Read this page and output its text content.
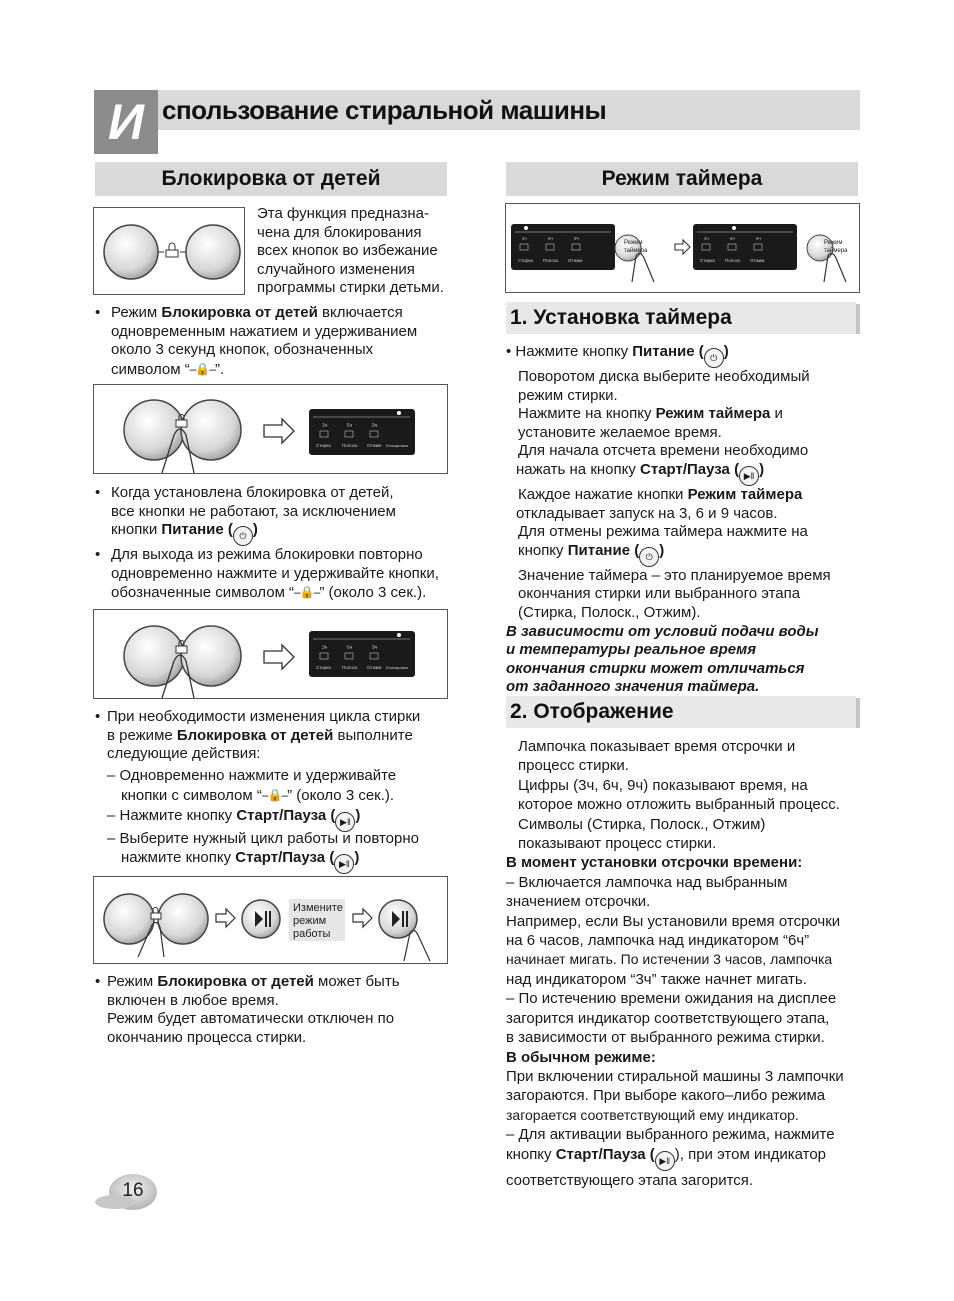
И спользование стиральной машины
Блокировка от детей
Эта функция предназна-
чена для блокирования
всех кнопок во избежание
случайного изменения
программы стирки детьми.
• Режим Блокировка от детей включается
одновременным нажатием и удерживанием
около 3 секунд кнопок, обозначенных
символом “–🔒–”.
3ч	6ч	9ч
Стирка Полоск. Отжим Блокировка
• Когда установлена блокировка от детей,
все кнопки не работают, за исключением
кнопки Питание ( ⏻ )
• Для выхода из режима блокировки повторно
одновременно нажмите и удерживайте кнопки,
обозначенные символом “–🔒–” (около 3 сек.).
3ч	6ч	9ч
Стирка Полоск. Отжим Блокировка
• При необходимости изменения цикла стирки
в режиме Блокировка от детей выполните
следующие действия:
– Одновременно нажмите и удерживайте
кнопки с символом “–🔒–” (около 3 сек.).
– Нажмите кнопку Старт/Пауза ( ▶‖ )
– Выберите нужный цикл работы и повторно
нажмите кнопку Старт/Пауза ( ▶‖ )
Измените
режим
работы
• Режим Блокировка от детей может быть
включен в любое время.
Режим будет автоматически отключен по
окончанию процесса стирки.
Режим таймера
3ч	6ч	9ч
Стирка Полоск. Отжим
Режим
таймера
3ч	6ч	9ч
Стирка Полоск. Отжим
Режим
таймера
1. Установка таймера
• Нажмите кнопку Питание ( ⏻ )
Поворотом диска выберите необходимый
режим стирки.
Нажмите на кнопку Режим таймера и
установите желаемое время.
Для начала отсчета времени необходимо
нажать на кнопку Старт/Пауза ( ▶‖ )
Каждое нажатие кнопки Режим таймера
откладывает запуск на 3, 6 и 9 часов.
Для отмены режима таймера нажмите на
кнопку Питание ( ⏻ )
Значение таймера – это планируемое время
окончания стирки или выбранного этапа
(Стирка, Полоск., Отжим).
В зависимости от условий подачи воды
и температуры реальное время
окончания стирки может отличаться
от заданного значения таймера.
2. Отображение
Лампочка показывает время отсрочки и
процесс стирки.
Цифры (3ч, 6ч, 9ч) показывают время, на
которое можно отложить выбранный процесс.
Символы (Стирка, Полоск., Отжим)
показывают процесс стирки.
В момент установки отсрочки времени:
– Включается лампочка над выбранным
значением отсрочки.
Например, если Вы установили время отсрочки
на 6 часов, лампочка над индикатором “6ч”
начинает мигать. По истечении 3 часов, лампочка
над индикатором “3ч” также начнет мигать.
– По истечению времени ожидания на дисплее
загорится индикатор соответствующего этапа,
в зависимости от выбранного режима стирки.
В обычном режиме:
При включении стиральной машины 3 лампочки
загораются. При выборе какого–либо режима
загорается соответствующий ему индикатор.
– Для активации выбранного режима, нажмите
кнопку Старт/Пауза ( ▶‖ ), при этом индикатор
соответствующего этапа загорится.
16
